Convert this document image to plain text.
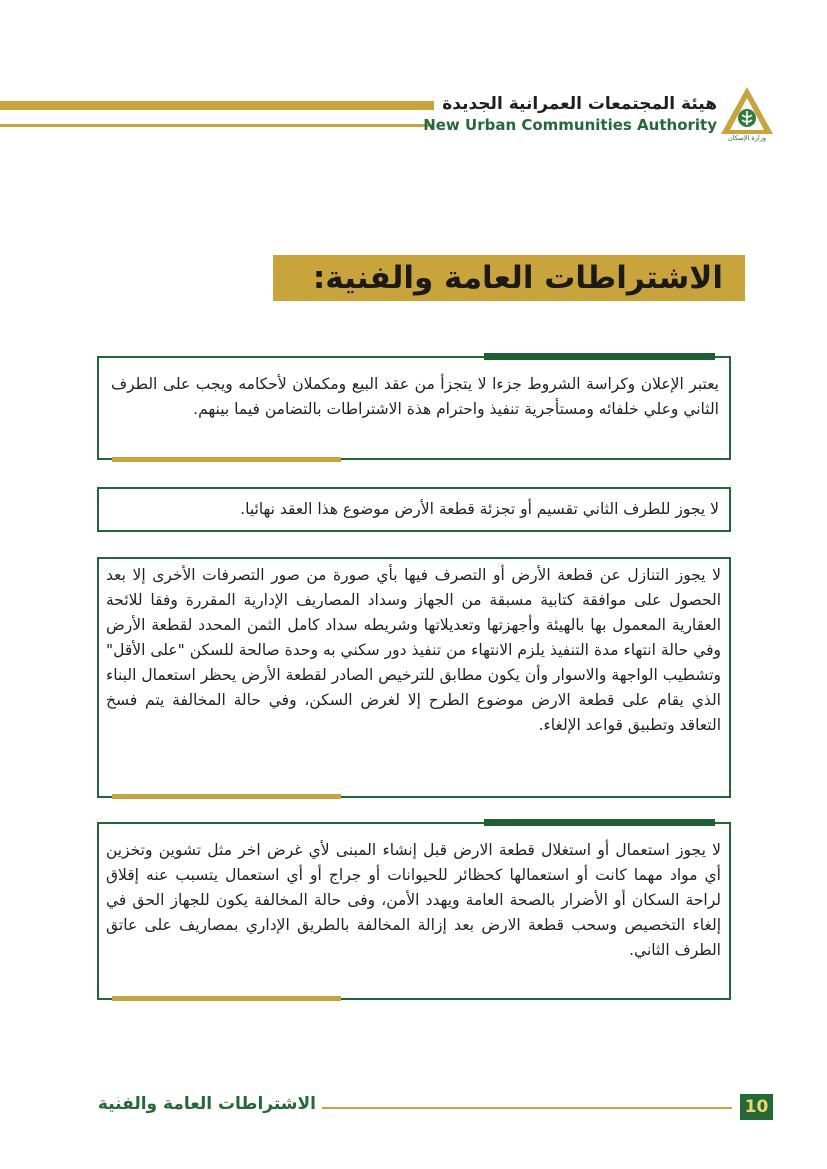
هيئة المجتمعات العمرانية الجديدة
New Urban Communities Authority
وزارة الإسكان
الاشتراطات العامة والفنية:
يعتبر الإعلان وكراسة الشروط جزءا لا يتجزأ من عقد البيع ومكملان لأحكامه ويجب على الطرف الثاني وعلي خلفائه ومستأجرية تنفيذ واحترام هذة الاشتراطات بالتضامن فيما بينهم.
لا يجوز للطرف الثاني تقسيم أو تجزئة قطعة الأرض موضوع هذا العقد نهائيا.
لا يجوز التنازل عن قطعة الأرض أو التصرف فيها بأي صورة من صور التصرفات الأخرى إلا بعد الحصول على موافقة كتابية مسبقة من الجهاز وسداد المصاريف الإدارية المقررة وفقا للائحة العقارية المعمول بها بالهيئة وأجهزتها وتعديلاتها وشريطه سداد كامل الثمن المحدد لقطعة الأرض وفي حالة انتهاء مدة التنفيذ يلزم الانتهاء من تنفيذ دور سكني به وحدة صالحة للسكن "على الأقل" وتشطيب الواجهة والاسوار وأن يكون مطابق للترخيص الصادر لقطعة الأرض يحظر استعمال البناء الذي يقام على قطعة الارض موضوع الطرح إلا لغرض السكن، وفي حالة المخالفة يتم فسخ التعاقد وتطبيق قواعد الإلغاء.
لا يجوز استعمال أو استغلال قطعة الارض قبل إنشاء المبنى لأي غرض اخر مثل تشوين وتخزين أي مواد مهما كانت أو استعمالها كحظائر للحيوانات أو جراج أو أي استعمال يتسبب عنه إقلاق لراحة السكان أو الأضرار بالصحة العامة ويهدد الأمن، وفى حالة المخالفة يكون للجهاز الحق في إلغاء التخصيص وسحب قطعة الارض بعد إزالة المخالفة بالطريق الإداري بمصاريف على عاتق الطرف الثاني.
الاشتراطات العامة والفنية	10
